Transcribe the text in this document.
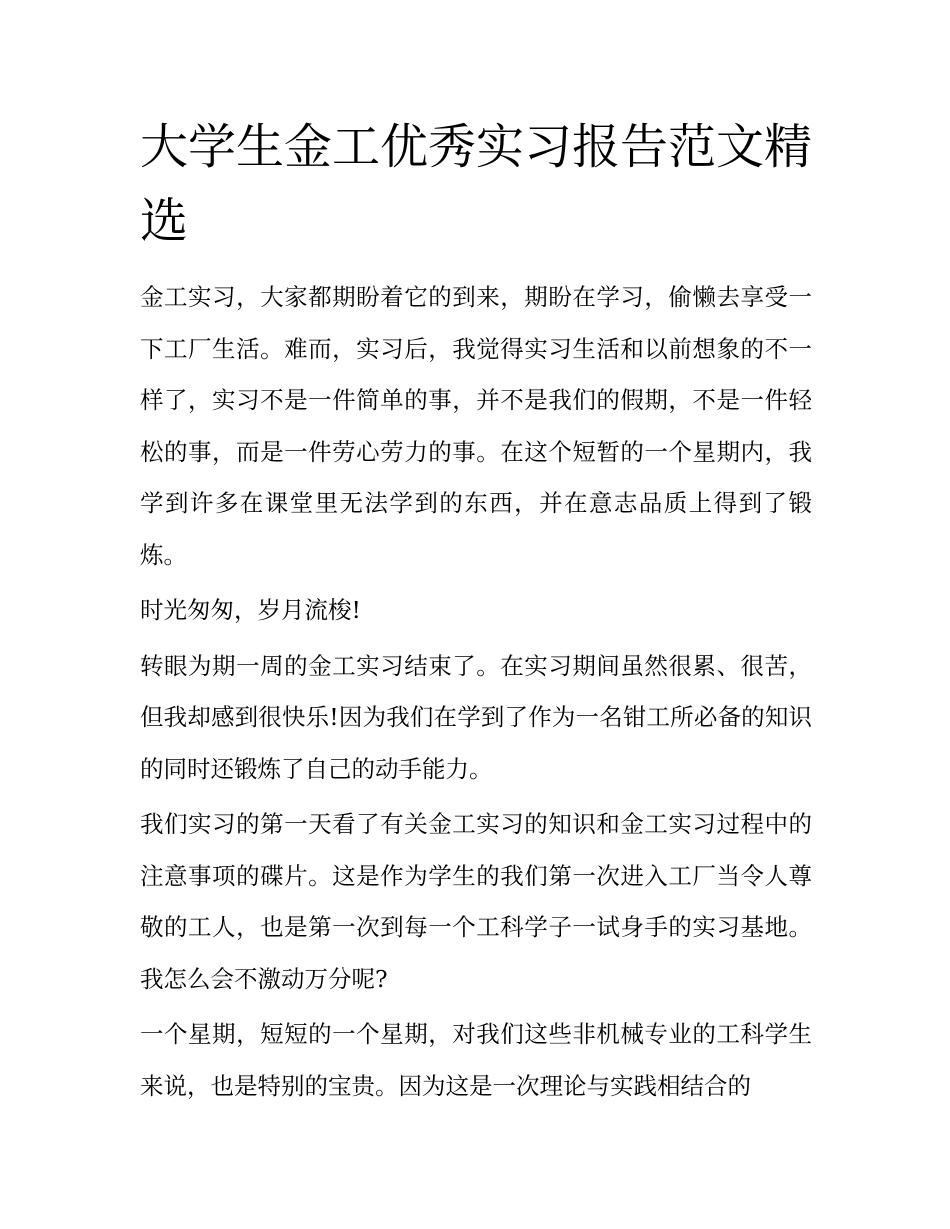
大学生金工优秀实习报告范文精选

金工实习，大家都期盼着它的到来，期盼在学习，偷懒去享受一下工厂生活。难而，实习后，我觉得实习生活和以前想象的不一样了，实习不是一件简单的事，并不是我们的假期，不是一件轻松的事，而是一件劳心劳力的事。在这个短暂的一个星期内，我学到许多在课堂里无法学到的东西，并在意志品质上得到了锻炼。

时光匆匆，岁月流梭!

转眼为期一周的金工实习结束了。在实习期间虽然很累、很苦，但我却感到很快乐!因为我们在学到了作为一名钳工所必备的知识的同时还锻炼了自己的动手能力。

我们实习的第一天看了有关金工实习的知识和金工实习过程中的注意事项的碟片。这是作为学生的我们第一次进入工厂当令人尊敬的工人，也是第一次到每一个工科学子一试身手的实习基地。我怎么会不激动万分呢?

一个星期，短短的一个星期，对我们这些非机械专业的工科学生来说，也是特别的宝贵。因为这是一次理论与实践相结合的
